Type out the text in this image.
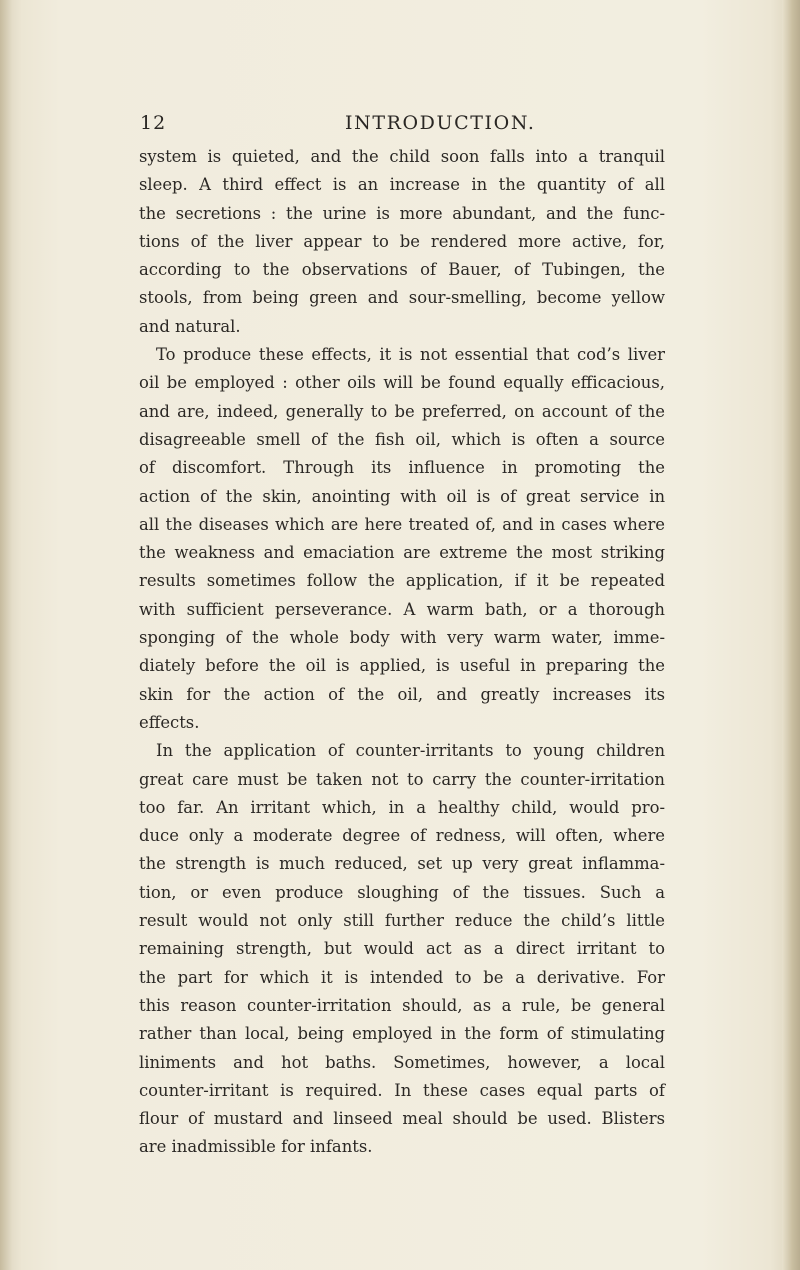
12	INTRODUCTION.
system is quieted, and the child soon falls into a tranquil
sleep. A third effect is an increase in the quantity of all
the secretions : the urine is more abundant, and the func-
tions of the liver appear to be rendered more active, for,
according to the observations of Bauer, of Tubingen, the
stools, from being green and sour-smelling, become yellow
and natural.
To produce these effects, it is not essential that cod’s liver
oil be employed : other oils will be found equally efficacious,
and are, indeed, generally to be preferred, on account of the
disagreeable smell of the fish oil, which is often a source
of discomfort. Through its influence in promoting the
action of the skin, anointing with oil is of great service in
all the diseases which are here treated of, and in cases where
the weakness and emaciation are extreme the most striking
results sometimes follow the application, if it be repeated
with sufficient perseverance. A warm bath, or a thorough
sponging of the whole body with very warm water, imme-
diately before the oil is applied, is useful in preparing the
skin for the action of the oil, and greatly increases its
effects.
In the application of counter-irritants to young children
great care must be taken not to carry the counter-irritation
too far. An irritant which, in a healthy child, would pro-
duce only a moderate degree of redness, will often, where
the strength is much reduced, set up very great inflamma-
tion, or even produce sloughing of the tissues. Such a
result would not only still further reduce the child’s little
remaining strength, but would act as a direct irritant to
the part for which it is intended to be a derivative. For
this reason counter-irritation should, as a rule, be general
rather than local, being employed in the form of stimulating
liniments and hot baths. Sometimes, however, a local
counter-irritant is required. In these cases equal parts of
flour of mustard and linseed meal should be used. Blisters
are inadmissible for infants.
